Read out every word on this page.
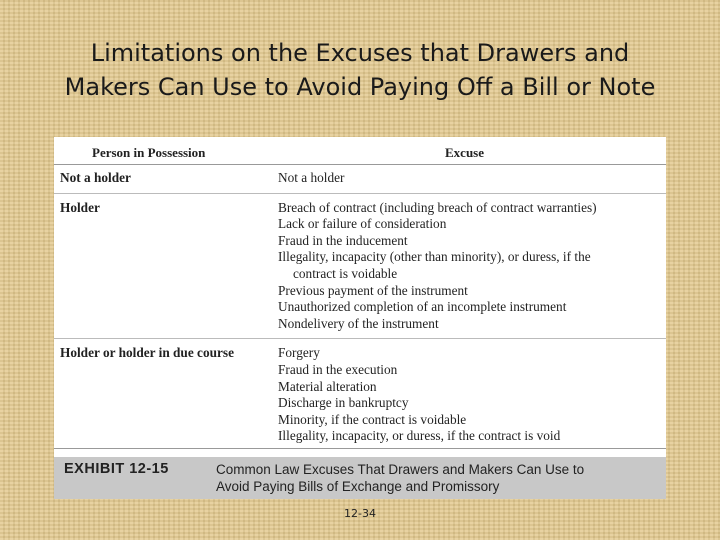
Limitations on the Excuses that Drawers and
Makers Can Use to Avoid Paying Off a Bill or Note
Person in Possession	Excuse
Not a holder	Not a holder
Holder	Breach of contract (including breach of contract warranties)
Lack or failure of consideration
Fraud in the inducement
Illegality, incapacity (other than minority), or duress, if the
contract is voidable
Previous payment of the instrument
Unauthorized completion of an incomplete instrument
Nondelivery of the instrument
Holder or holder in due course	Forgery
Fraud in the execution
Material alteration
Discharge in bankruptcy
Minority, if the contract is voidable
Illegality, incapacity, or duress, if the contract is void
EXHIBIT 12-15	Common Law Excuses That Drawers and Makers Can Use to
Avoid Paying Bills of Exchange and Promissory
12-34
